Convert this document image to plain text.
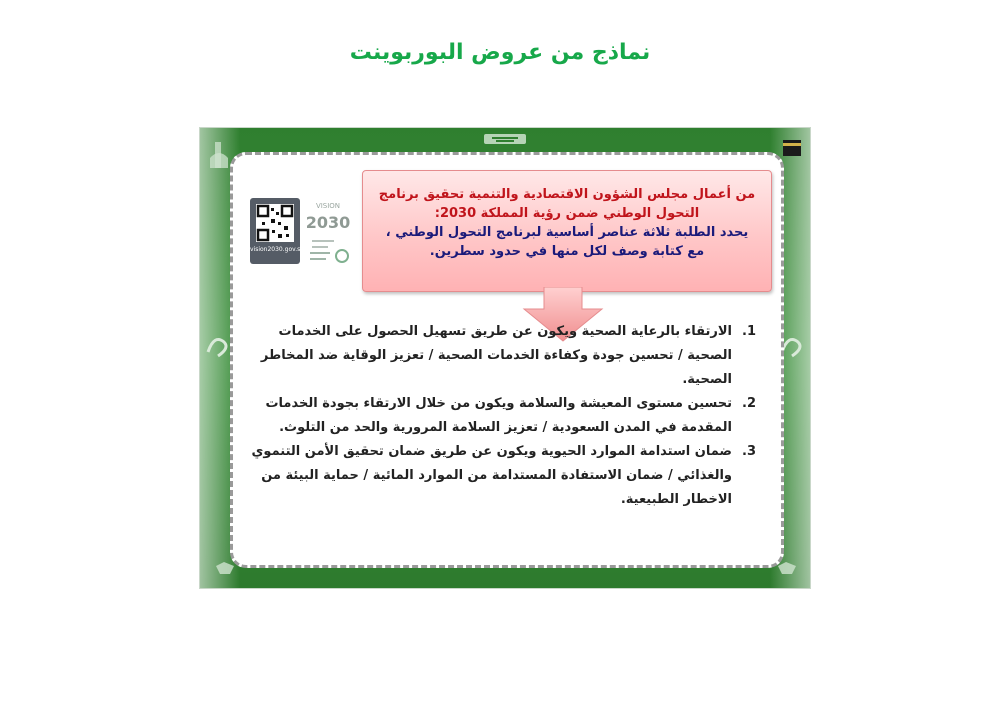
نماذج من عروض البوربوينت
vision2030.gov.sa
VISION
2030

من أعمال مجلس الشؤون الاقتصادية والتنمية تحقيق برنامج

التحول الوطني ضمن رؤية المملكة 2030:

يحدد الطلبة ثلاثة عناصر أساسية لبرنامج التحول الوطني ،

مع كتابة وصف لكل منها في حدود سطرين.

1.
الارتقاء بالرعاية الصحية ويكون عن طريق تسهيل الحصول على الخدمات الصحية / تحسين جودة وكفاءة الخدمات الصحية / تعزيز الوقاية ضد المخاطر الصحية.
2.
تحسين مستوى المعيشة والسلامة ويكون من خلال الارتقاء بجودة الخدمات المقدمة في المدن السعودية / تعزيز السلامة المرورية والحد من التلوث.
3.
ضمان استدامة الموارد الحيوية ويكون عن طريق ضمان تحقيق الأمن التنموي والغذائي / ضمان الاستفادة المستدامة من الموارد المائية / حماية البيئة من الاخطار الطبيعية.
